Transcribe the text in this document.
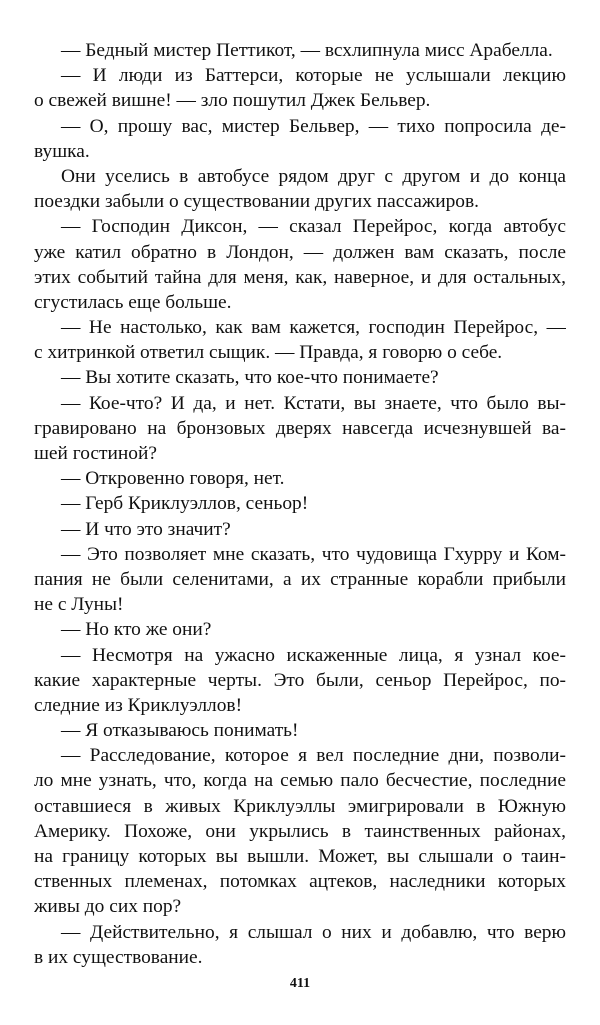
— Бедный мистер Петтикот, — всхлипнула мисс Арабелла.
— И люди из Баттерси, которые не услышали лекцию
о свежей вишне! — зло пошутил Джек Бельвер.
— О, прошу вас, мистер Бельвер, — тихо попросила де-
вушка.
Они уселись в автобусе рядом друг с другом и до конца
поездки забыли о существовании других пассажиров.
— Господин Диксон, — сказал Перейрос, когда автобус
уже катил обратно в Лондон, — должен вам сказать, после
этих событий тайна для меня, как, наверное, и для остальных,
сгустилась еще больше.
— Не настолько, как вам кажется, господин Перейрос, —
с хитринкой ответил сыщик. — Правда, я говорю о себе.
— Вы хотите сказать, что кое-что понимаете?
— Кое-что? И да, и нет. Кстати, вы знаете, что было вы-
гравировано на бронзовых дверях навсегда исчезнувшей ва-
шей гостиной?
— Откровенно говоря, нет.
— Герб Криклуэллов, сеньор!
— И что это значит?
— Это позволяет мне сказать, что чудовища Гхурру и Ком-
пания не были селенитами, а их странные корабли прибыли
не с Луны!
— Но кто же они?
— Несмотря на ужасно искаженные лица, я узнал кое-
какие характерные черты. Это были, сеньор Перейрос, по-
следние из Криклуэллов!
— Я отказываюсь понимать!
— Расследование, которое я вел последние дни, позволи-
ло мне узнать, что, когда на семью пало бесчестие, последние
оставшиеся в живых Криклуэллы эмигрировали в Южную
Америку. Похоже, они укрылись в таинственных районах,
на границу которых вы вышли. Может, вы слышали о таин-
ственных племенах, потомках ацтеков, наследники которых
живы до сих пор?
— Действительно, я слышал о них и добавлю, что верю
в их существование.
411
